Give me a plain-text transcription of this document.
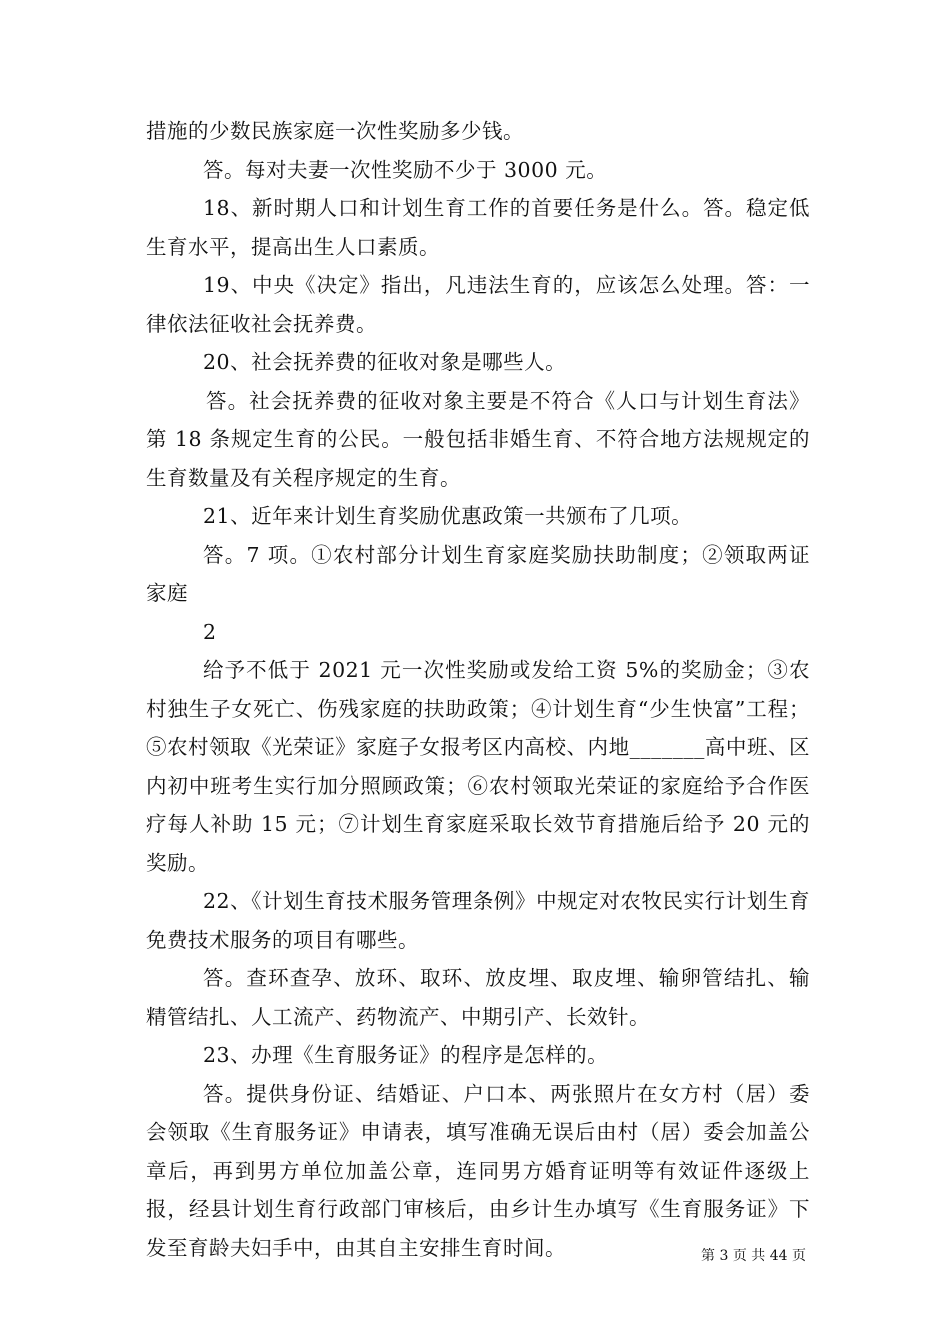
措施的少数民族家庭一次性奖励多少钱。

答。每对夫妻一次性奖励不少于 3000 元。

18、新时期人口和计划生育工作的首要任务是什么。答。稳定低生育水平，提高出生人口素质。

19、中央《决定》指出，凡违法生育的，应该怎么处理。答：一律依法征收社会抚养费。

20、社会抚养费的征收对象是哪些人。

答。社会抚养费的征收对象主要是不符合《人口与计划生育法》第 18 条规定生育的公民。一般包括非婚生育、不符合地方法规规定的生育数量及有关程序规定的生育。

21、近年来计划生育奖励优惠政策一共颁布了几项。

答。7 项。①农村部分计划生育家庭奖励扶助制度；②领取两证家庭

2

给予不低于 2021 元一次性奖励或发给工资 5%的奖励金；③农村独生子女死亡、伤残家庭的扶助政策；④计划生育“少生快富”工程；⑤农村领取《光荣证》家庭子女报考区内高校、内地_______高中班、区内初中班考生实行加分照顾政策；⑥农村领取光荣证的家庭给予合作医疗每人补助 15 元；⑦计划生育家庭采取长效节育措施后给予 20 元的奖励。

22、《计划生育技术服务管理条例》中规定对农牧民实行计划生育免费技术服务的项目有哪些。

答。查环查孕、放环、取环、放皮埋、取皮埋、输卵管结扎、输精管结扎、人工流产、药物流产、中期引产、长效针。

23、办理《生育服务证》的程序是怎样的。

答。提供身份证、结婚证、户口本、两张照片在女方村（居）委会领取《生育服务证》申请表，填写准确无误后由村（居）委会加盖公章后，再到男方单位加盖公章，连同男方婚育证明等有效证件逐级上报，经县计划生育行政部门审核后，由乡计生办填写《生育服务证》下发至育龄夫妇手中，由其自主安排生育时间。	第 3 页 共 44 页
